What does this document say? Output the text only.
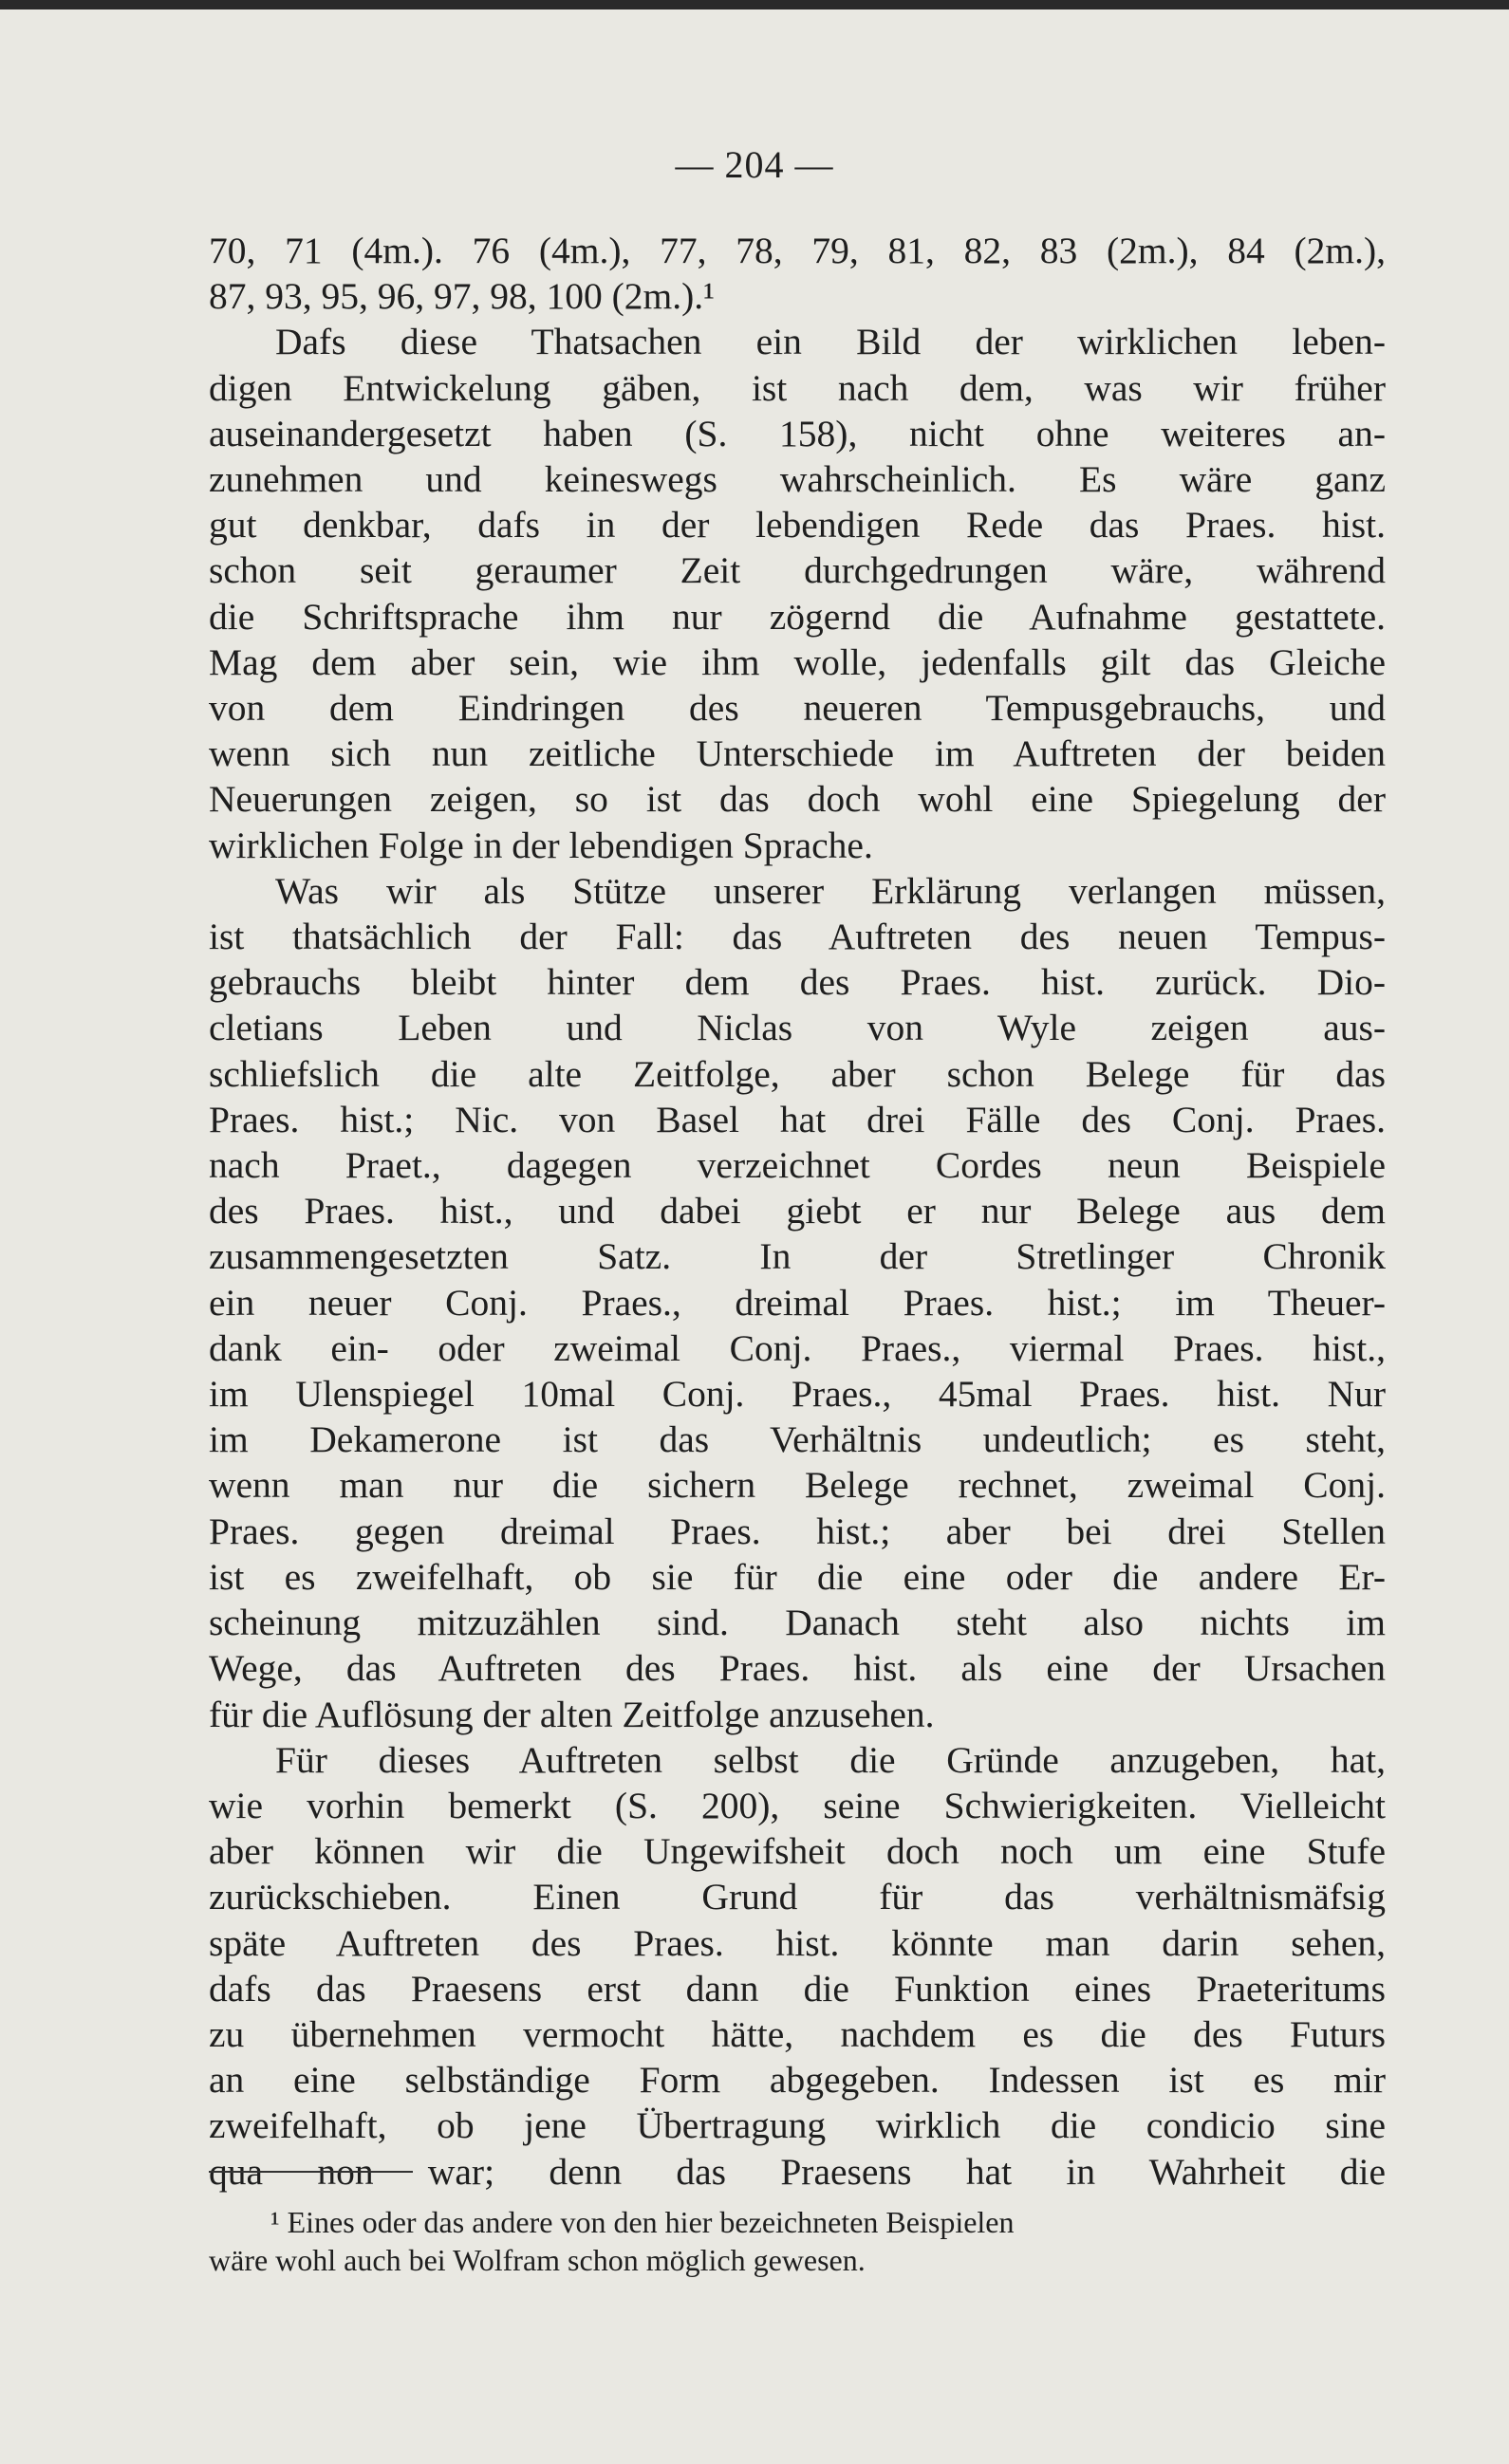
— 204 —
70, 71 (4m.). 76 (4m.), 77, 78, 79, 81, 82, 83 (2m.), 84 (2m.),
87, 93, 95, 96, 97, 98, 100 (2m.).¹
Dafs diese Thatsachen ein Bild der wirklichen leben-
digen Entwickelung gäben, ist nach dem, was wir früher
auseinandergesetzt haben (S. 158), nicht ohne weiteres an-
zunehmen und keineswegs wahrscheinlich. Es wäre ganz
gut denkbar, dafs in der lebendigen Rede das Praes. hist.
schon seit geraumer Zeit durchgedrungen wäre, während
die Schriftsprache ihm nur zögernd die Aufnahme gestattete.
Mag dem aber sein, wie ihm wolle, jedenfalls gilt das Gleiche
von dem Eindringen des neueren Tempusgebrauchs, und
wenn sich nun zeitliche Unterschiede im Auftreten der beiden
Neuerungen zeigen, so ist das doch wohl eine Spiegelung der
wirklichen Folge in der lebendigen Sprache.
Was wir als Stütze unserer Erklärung verlangen müssen,
ist thatsächlich der Fall: das Auftreten des neuen Tempus-
gebrauchs bleibt hinter dem des Praes. hist. zurück. Dio-
cletians Leben und Niclas von Wyle zeigen aus-
schliefslich die alte Zeitfolge, aber schon Belege für das
Praes. hist.; Nic. von Basel hat drei Fälle des Conj. Praes.
nach Praet., dagegen verzeichnet Cordes neun Beispiele
des Praes. hist., und dabei giebt er nur Belege aus dem
zusammengesetzten Satz. In der Stretlinger Chronik
ein neuer Conj. Praes., dreimal Praes. hist.; im Theuer-
dank ein- oder zweimal Conj. Praes., viermal Praes. hist.,
im Ulenspiegel 10mal Conj. Praes., 45mal Praes. hist. Nur
im Dekamerone ist das Verhältnis undeutlich; es steht,
wenn man nur die sichern Belege rechnet, zweimal Conj.
Praes. gegen dreimal Praes. hist.; aber bei drei Stellen
ist es zweifelhaft, ob sie für die eine oder die andere Er-
scheinung mitzuzählen sind. Danach steht also nichts im
Wege, das Auftreten des Praes. hist. als eine der Ursachen
für die Auflösung der alten Zeitfolge anzusehen.
Für dieses Auftreten selbst die Gründe anzugeben, hat,
wie vorhin bemerkt (S. 200), seine Schwierigkeiten. Vielleicht
aber können wir die Ungewifsheit doch noch um eine Stufe
zurückschieben. Einen Grund für das verhältnismäfsig
späte Auftreten des Praes. hist. könnte man darin sehen,
dafs das Praesens erst dann die Funktion eines Praeteritums
zu übernehmen vermocht hätte, nachdem es die des Futurs
an eine selbständige Form abgegeben. Indessen ist es mir
zweifelhaft, ob jene Übertragung wirklich die condicio sine
qua non war; denn das Praesens hat in Wahrheit die
¹ Eines oder das andere von den hier bezeichneten Beispielen
wäre wohl auch bei Wolfram schon möglich gewesen.
